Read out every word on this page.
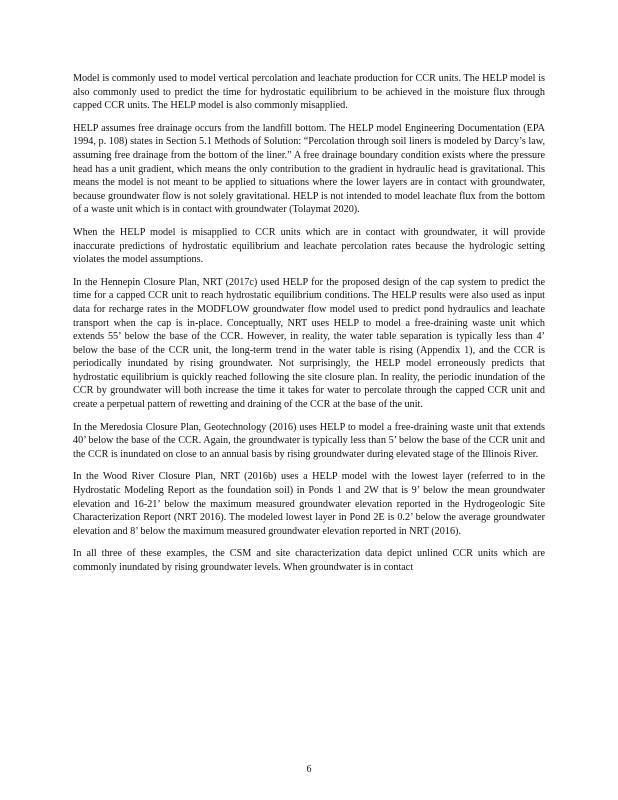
Model is commonly used to model vertical percolation and leachate production for CCR units. The HELP model is also commonly used to predict the time for hydrostatic equilibrium to be achieved in the moisture flux through capped CCR units. The HELP model is also commonly misapplied.

HELP assumes free drainage occurs from the landfill bottom. The HELP model Engineering Documentation (EPA 1994, p. 108) states in Section 5.1 Methods of Solution: “Percolation through soil liners is modeled by Darcy’s law, assuming free drainage from the bottom of the liner.” A free drainage boundary condition exists where the pressure head has a unit gradient, which means the only contribution to the gradient in hydraulic head is gravitational. This means the model is not meant to be applied to situations where the lower layers are in contact with groundwater, because groundwater flow is not solely gravitational. HELP is not intended to model leachate flux from the bottom of a waste unit which is in contact with groundwater (Tolaymat 2020).

When the HELP model is misapplied to CCR units which are in contact with groundwater, it will provide inaccurate predictions of hydrostatic equilibrium and leachate percolation rates because the hydrologic setting violates the model assumptions.

In the Hennepin Closure Plan, NRT (2017c) used HELP for the proposed design of the cap system to predict the time for a capped CCR unit to reach hydrostatic equilibrium conditions. The HELP results were also used as input data for recharge rates in the MODFLOW groundwater flow model used to predict pond hydraulics and leachate transport when the cap is in-place. Conceptually, NRT uses HELP to model a free-draining waste unit which extends 55’ below the base of the CCR. However, in reality, the water table separation is typically less than 4’ below the base of the CCR unit, the long-term trend in the water table is rising (Appendix 1), and the CCR is periodically inundated by rising groundwater. Not surprisingly, the HELP model erroneously predicts that hydrostatic equilibrium is quickly reached following the site closure plan. In reality, the periodic inundation of the CCR by groundwater will both increase the time it takes for water to percolate through the capped CCR unit and create a perpetual pattern of rewetting and draining of the CCR at the base of the unit.

In the Meredosia Closure Plan, Geotechnology (2016) uses HELP to model a free-draining waste unit that extends 40’ below the base of the CCR. Again, the groundwater is typically less than 5’ below the base of the CCR unit and the CCR is inundated on close to an annual basis by rising groundwater during elevated stage of the Illinois River.

In the Wood River Closure Plan, NRT (2016b) uses a HELP model with the lowest layer (referred to in the Hydrostatic Modeling Report as the foundation soil) in Ponds 1 and 2W that is 9’ below the mean groundwater elevation and 16-21’ below the maximum measured groundwater elevation reported in the Hydrogeologic Site Characterization Report (NRT 2016). The modeled lowest layer in Pond 2E is 0.2’ below the average groundwater elevation and 8’ below the maximum measured groundwater elevation reported in NRT (2016).

In all three of these examples, the CSM and site characterization data depict unlined CCR units which are commonly inundated by rising groundwater levels. When groundwater is in contact

6
